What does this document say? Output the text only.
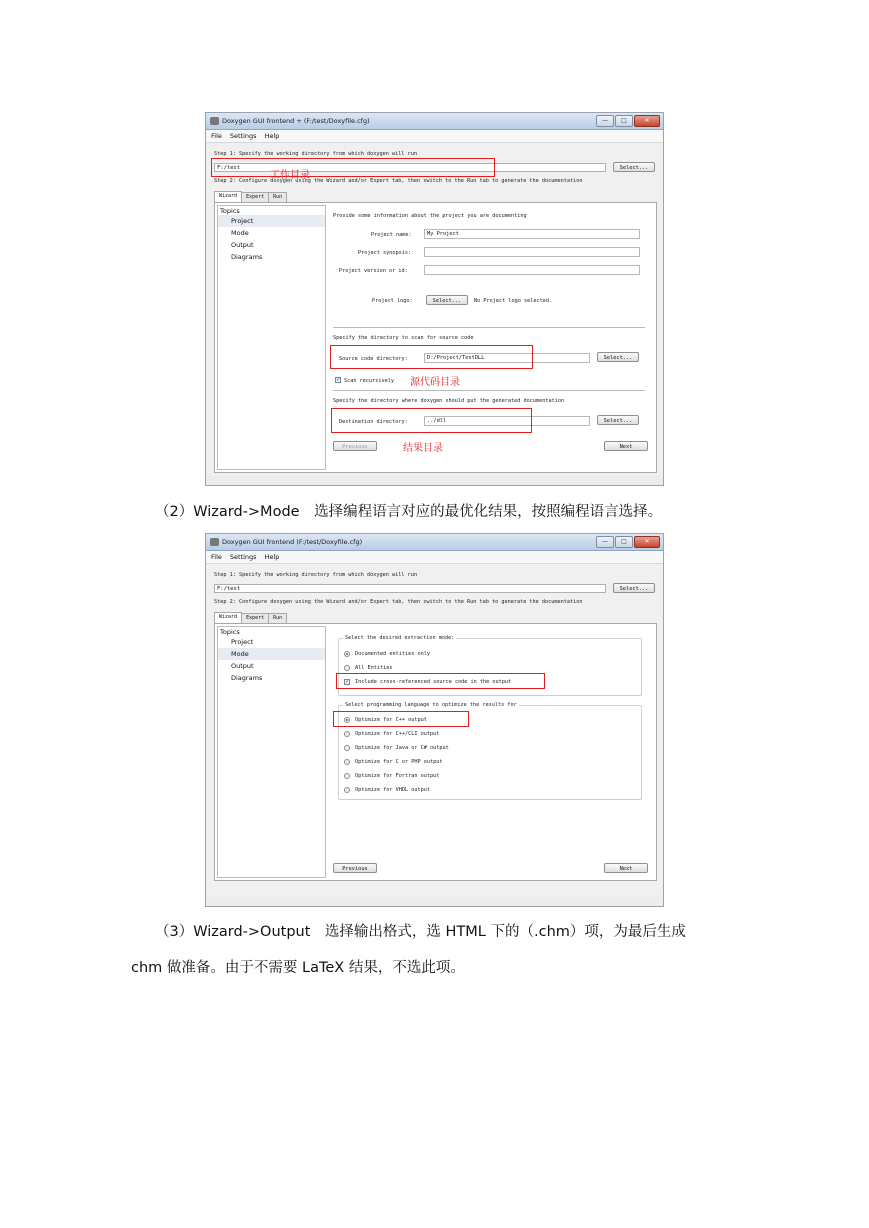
Doxygen GUI frontend + (F:/test/Doxyfile.cfg)	—	□	✕
File Settings Help
Step 1: Specify the working directory from which doxygen will run
F:/test	Select...
Step 2: Configure doxygen using the Wizard and/or Expert tab, then switch to the Run tab to generate the documentation
Wizard	Expert	Run
Topics
Project
Mode
Output
Diagrams
Provide some information about the project you are documenting
Project name:	My Project
Project synopsis:
Project version or id:
Project logo:	Select...	No Project logo selected.
Specify the directory to scan for source code
Source code directory:	D:/Project/TestDLL	Select...
✓ Scan recursively
Specify the directory where doxygen should put the generated documentation
Destination directory:	../dll	Select...
Previous	Next
工作目录
源代码目录
结果目录
（2）Wizard->Mode　选择编程语言对应的最优化结果，按照编程语言选择。
Doxygen GUI frontend (F:/test/Doxyfile.cfg)	—	□	✕
File Settings Help
Step 1: Specify the working directory from which doxygen will run
F:/test	Select...
Step 2: Configure doxygen using the Wizard and/or Expert tab, then switch to the Run tab to generate the documentation
Wizard	Expert	Run
Topics
Project
Mode
Output
Diagrams
Select the desired extraction mode:
Documented entities only
All Entities
✓ Include cross-referenced source code in the output
Select programming language to optimize the results for
Optimize for C++ output
Optimize for C++/CLI output
Optimize for Java or C# output
Optimize for C or PHP output
Optimize for Fortran output
Optimize for VHDL output
Previous	Next
（3）Wizard->Output　选择输出格式，选 HTML 下的（.chm）项，为最后生成
chm 做准备。由于不需要 LaTeX 结果，不选此项。
